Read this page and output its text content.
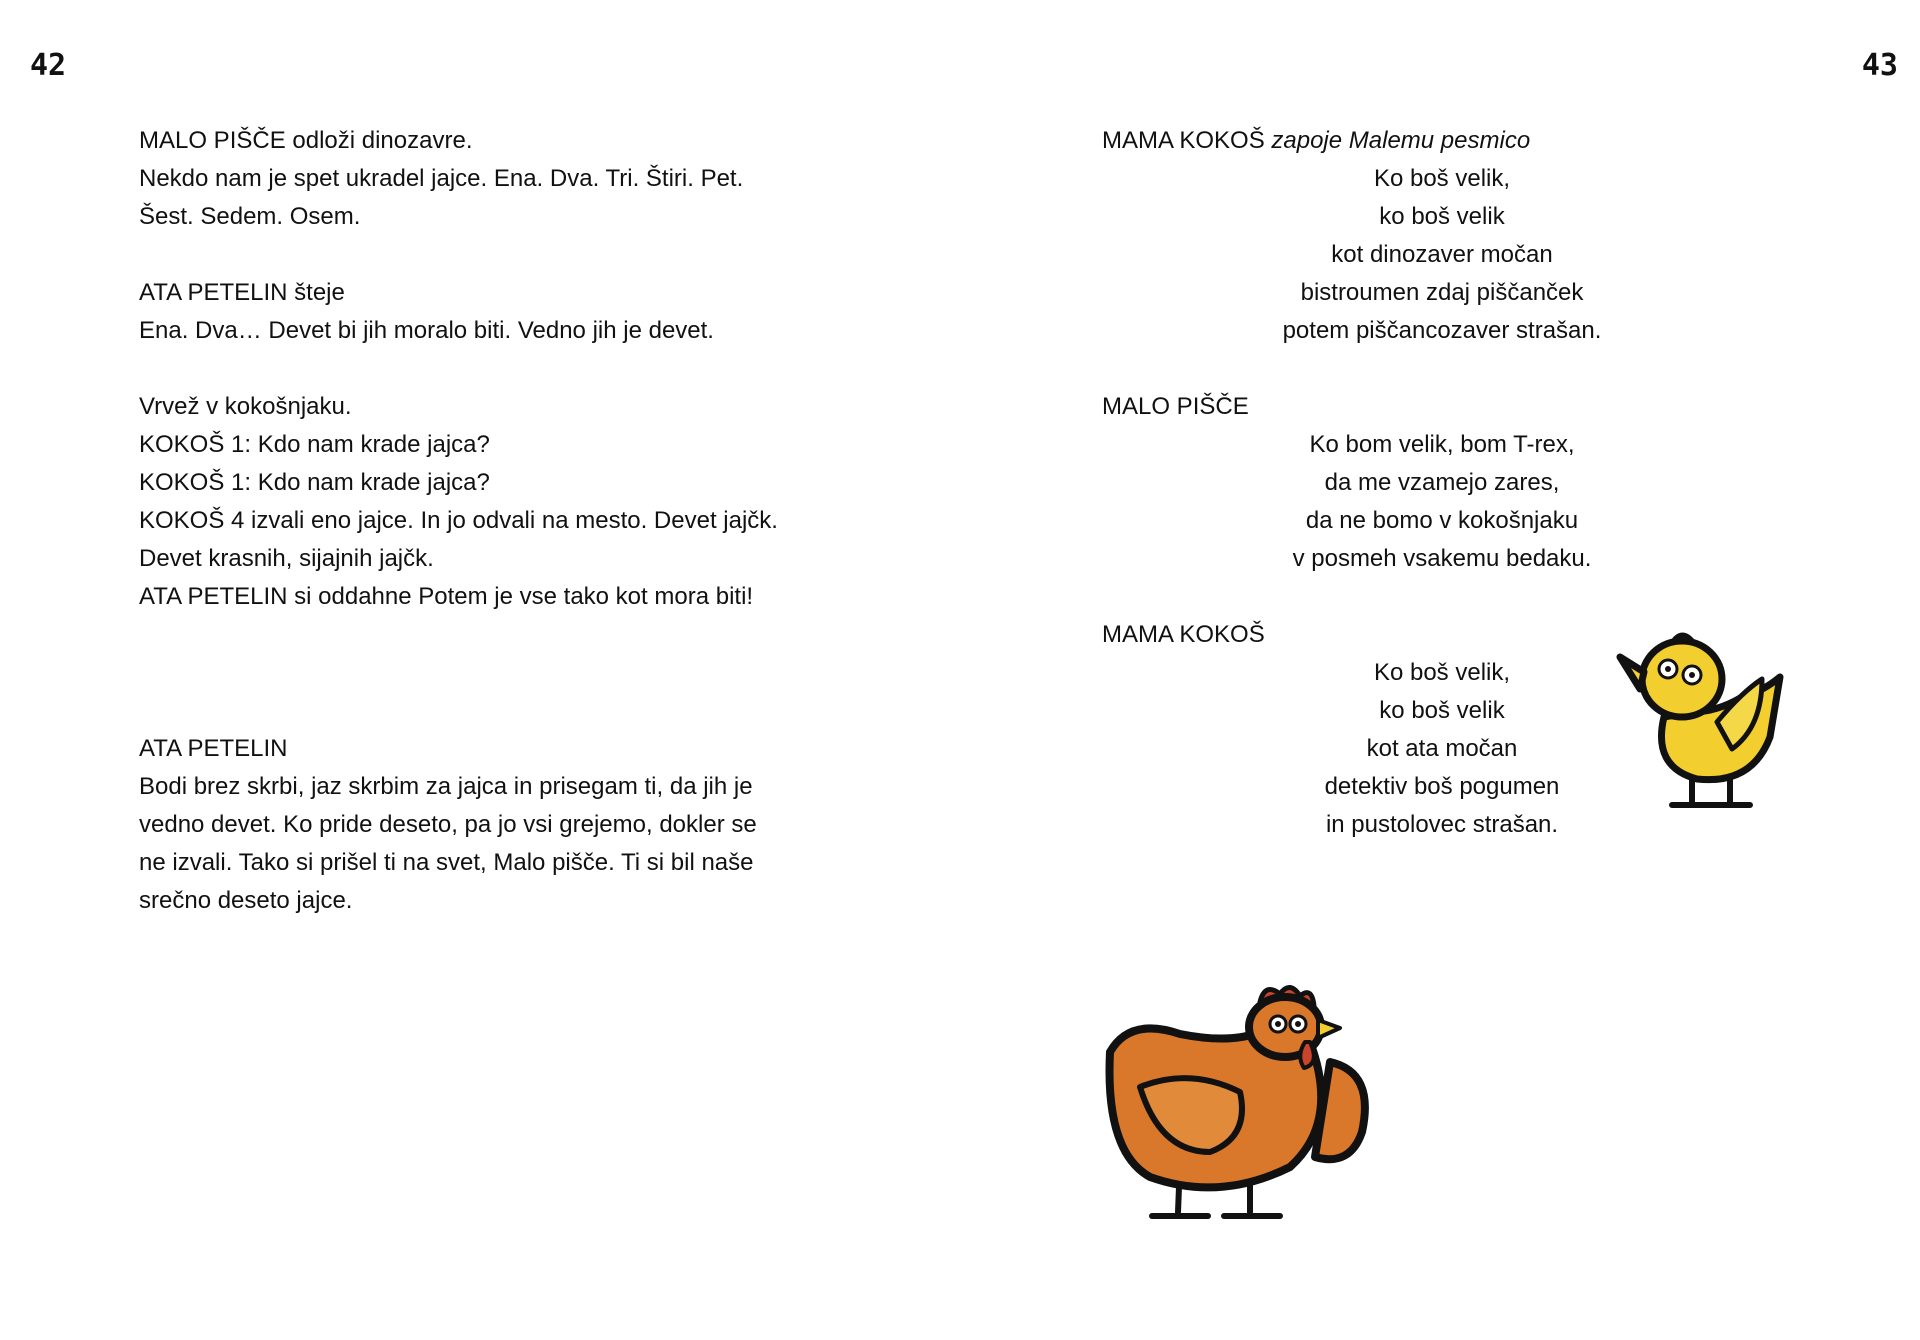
42	43
MALO PIŠČE odloži dinozavre.
Nekdo nam je spet ukradel jajce. Ena. Dva. Tri. Štiri. Pet.
Šest. Sedem. Osem.
ATA PETELIN šteje
Ena. Dva… Devet bi jih moralo biti. Vedno jih je devet.
Vrvež v kokošnjaku.
KOKOŠ 1: Kdo nam krade jajca?
KOKOŠ 1: Kdo nam krade jajca?
KOKOŠ 4 izvali eno jajce. In jo odvali na mesto. Devet jajčk.
Devet krasnih, sijajnih jajčk.
ATA PETELIN si oddahne Potem je vse tako kot mora biti!
ATA PETELIN
Bodi brez skrbi, jaz skrbim za jajca in prisegam ti, da jih je
vedno devet. Ko pride deseto, pa jo vsi grejemo, dokler se
ne izvali. Tako si prišel ti na svet, Malo pišče. Ti si bil naše
srečno deseto jajce.
MAMA KOKOŠ zapoje Malemu pesmico
Ko boš velik,
ko boš velik
kot dinozaver močan
bistroumen zdaj piščanček
potem piščancozaver strašan.
MALO PIŠČE
Ko bom velik, bom T-rex,
da me vzamejo zares,
da ne bomo v kokošnjaku
v posmeh vsakemu bedaku.
MAMA KOKOŠ
Ko boš velik,
ko boš velik
kot ata močan
detektiv boš pogumen
in pustolovec strašan.
